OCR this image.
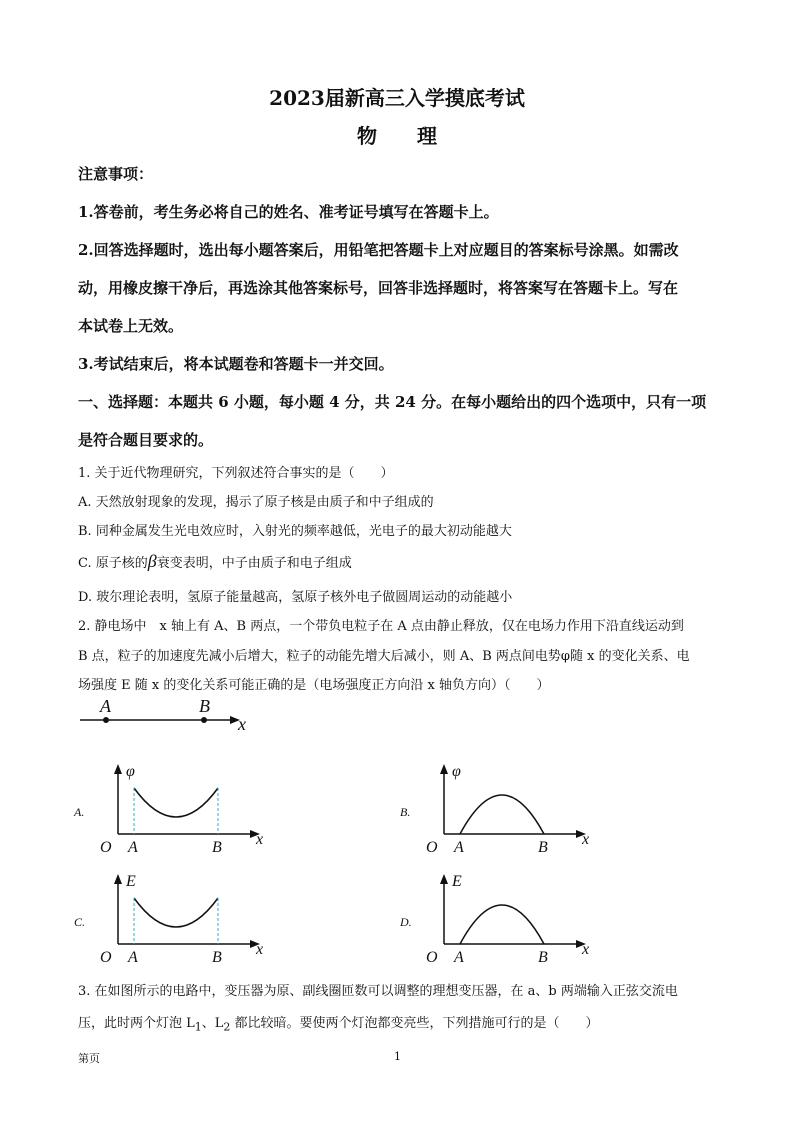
2023届新高三入学摸底考试
物　　理
注意事项：
1.答卷前，考生务必将自己的姓名、准考证号填写在答题卡上。
2.回答选择题时，选出每小题答案后，用铅笔把答题卡上对应题目的答案标号涂黑。如需改
动，用橡皮擦干净后，再选涂其他答案标号，回答非选择题时，将答案写在答题卡上。写在
本试卷上无效。
3.考试结束后，将本试题卷和答题卡一并交回。
一、选择题：本题共 6 小题，每小题 4 分，共 24 分。在每小题给出的四个选项中，只有一项
是符合题目要求的。
1. 关于近代物理研究，下列叙述符合事实的是（　　）
A. 天然放射现象的发现，揭示了原子核是由质子和中子组成的
B. 同种金属发生光电效应时，入射光的频率越低，光电子的最大初动能越大
C. 原子核的β衰变表明，中子由质子和电子组成
D. 玻尔理论表明，氢原子能量越高，氢原子核外电子做圆周运动的动能越小
2. 静电场中　x 轴上有 A、B 两点，一个带负电粒子在 A 点由静止释放，仅在电场力作用下沿直线运动到
B 点，粒子的加速度先减小后增大，粒子的动能先增大后减小，则 A、B 两点间电势φ随 x 的变化关系、电
场强度 E 随 x 的变化关系可能正确的是（电场强度正方向沿 x 轴负方向）（　　）
A	B
x
A.
φ
O A	B x
B.
φ
O A	B x
C.
E
O A	B x
D.
E
O A	B x
3. 在如图所示的电路中，变压器为原、副线圈匝数可以调整的理想变压器，在 a、b 两端输入正弦交流电
压，此时两个灯泡 $L_1$、$L_2$ 都比较暗。要使两个灯泡都变亮些，下列措施可行的是（　　）
第页	1
